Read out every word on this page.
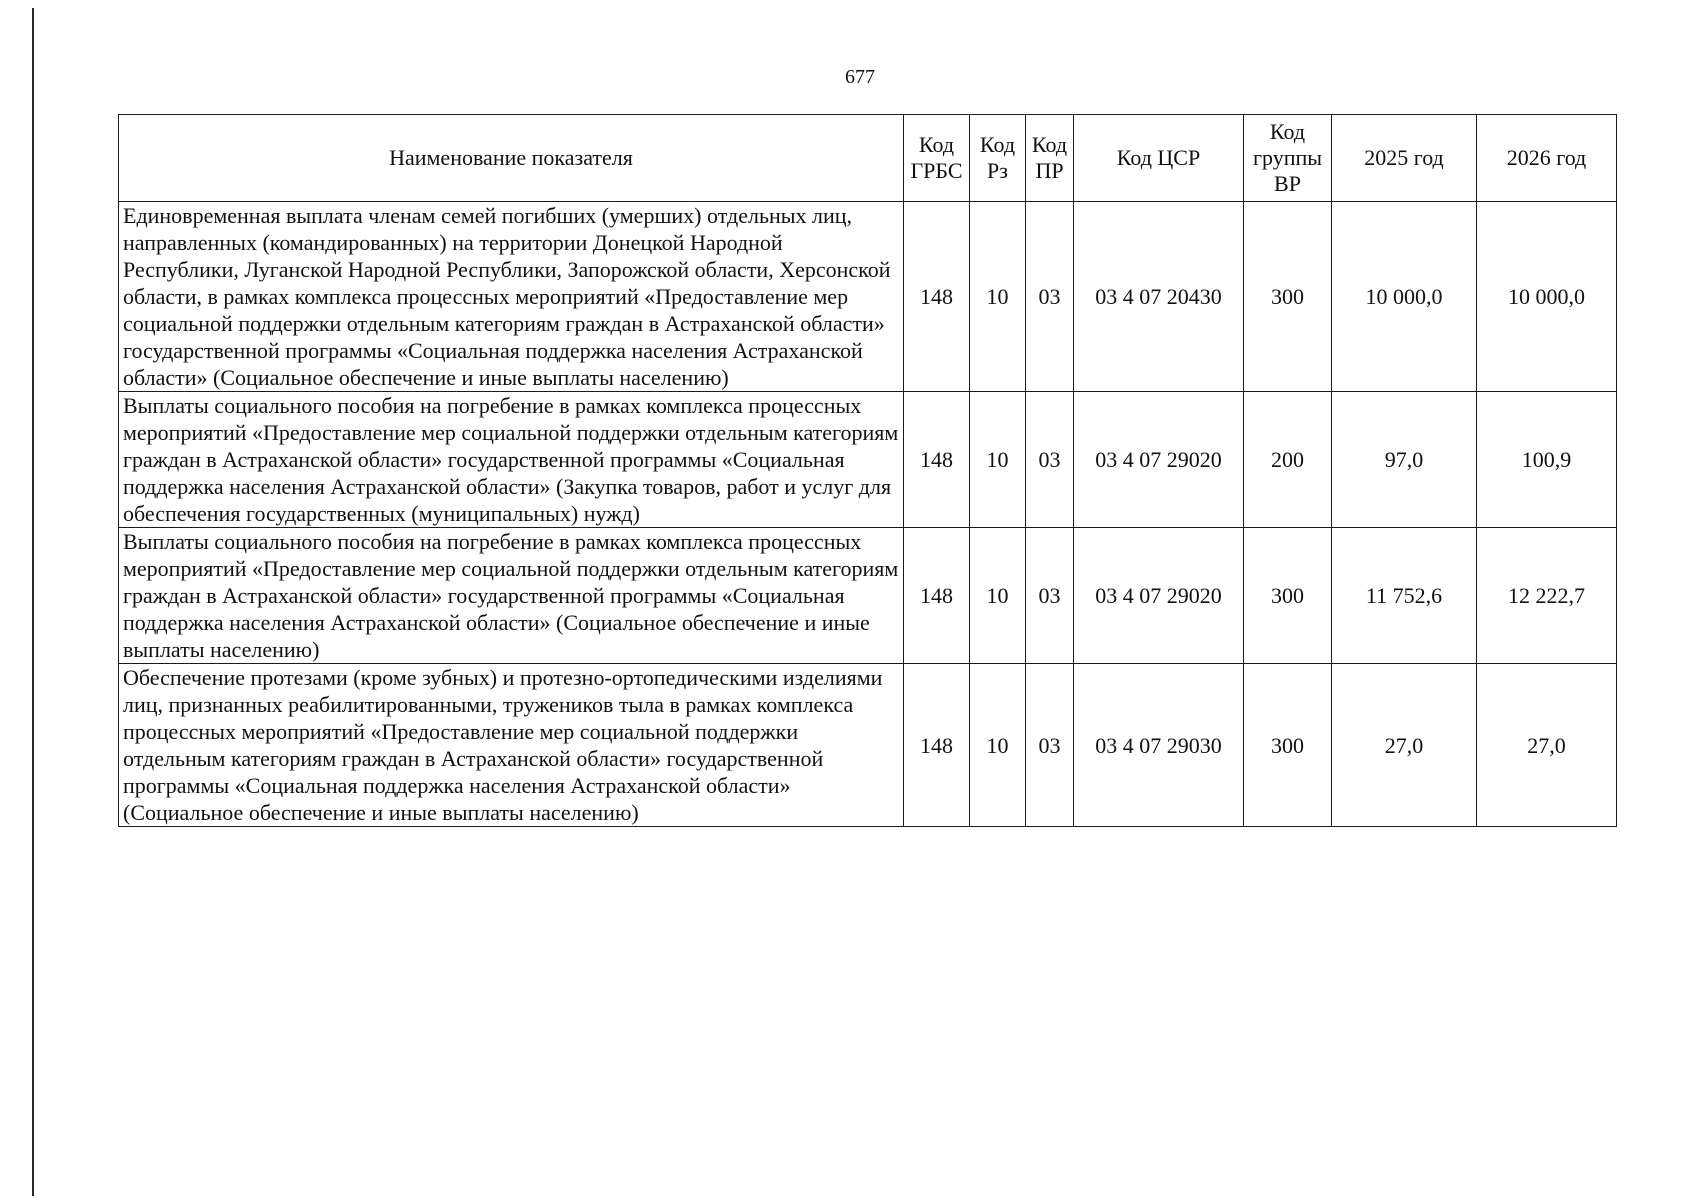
677
Наименование показателя	Код ГРБС	Код Рз	Код ПР	Код ЦСР	Код группы ВР	2025 год	2026 год
Единовременная выплата членам семей погибших (умерших) отдельных лиц, направленных (командированных) на территории Донецкой Народной Республики, Луганской Народной Республики, Запорожской области, Херсонской области, в рамках комплекса процессных мероприятий «Предоставление мер социальной поддержки отдельным категориям граждан в Астраханской области» государственной программы «Социальная поддержка населения Астраханской области» (Социальное обеспечение и иные выплаты населению)	148	10	03	03 4 07 20430	300	10 000,0	10 000,0
Выплаты социального пособия на погребение в рамках комплекса процессных мероприятий «Предоставление мер социальной поддержки отдельным категориям граждан в Астраханской области» государственной программы «Социальная поддержка населения Астраханской области» (Закупка товаров, работ и услуг для обеспечения государственных (муниципальных) нужд)	148	10	03	03 4 07 29020	200	97,0	100,9
Выплаты социального пособия на погребение в рамках комплекса процессных мероприятий «Предоставление мер социальной поддержки отдельным категориям граждан в Астраханской области» государственной программы «Социальная поддержка населения Астраханской области» (Социальное обеспечение и иные выплаты населению)	148	10	03	03 4 07 29020	300	11 752,6	12 222,7
Обеспечение протезами (кроме зубных) и протезно-ортопедическими изделиями лиц, признанных реабилитированными, тружеников тыла в рамках комплекса процессных мероприятий «Предоставление мер социальной поддержки отдельным категориям граждан в Астраханской области» государственной программы «Социальная поддержка населения Астраханской области» (Социальное обеспечение и иные выплаты населению)	148	10	03	03 4 07 29030	300	27,0	27,0
